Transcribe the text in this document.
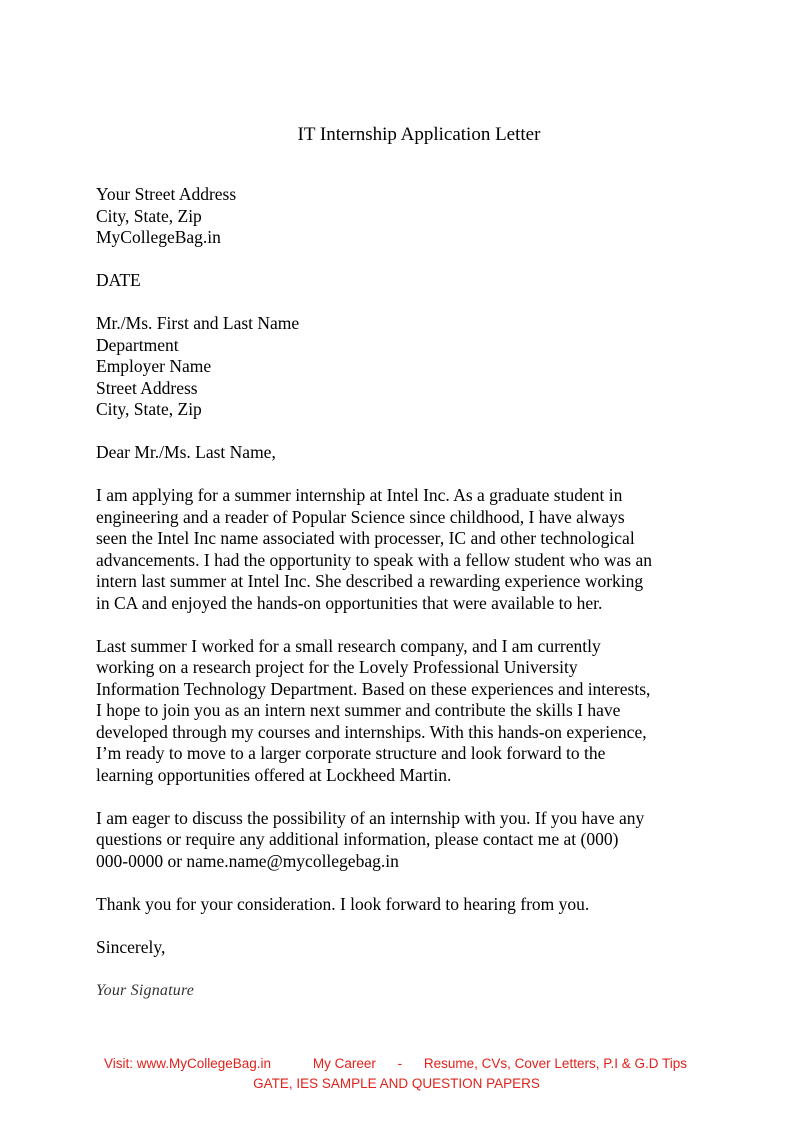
IT Internship Application Letter
Your Street Address
City, State, Zip
MyCollegeBag.in
DATE
Mr./Ms. First and Last Name
Department
Employer Name
Street Address
City, State, Zip
Dear Mr./Ms. Last Name,
I am applying for a summer internship at Intel Inc. As a graduate student in
engineering and a reader of Popular Science since childhood, I have always
seen the Intel Inc name associated with processer, IC and other technological
advancements. I had the opportunity to speak with a fellow student who was an
intern last summer at Intel Inc. She described a rewarding experience working
in CA and enjoyed the hands-on opportunities that were available to her.
Last summer I worked for a small research company, and I am currently
working on a research project for the Lovely Professional University
Information Technology Department. Based on these experiences and interests,
I hope to join you as an intern next summer and contribute the skills I have
developed through my courses and internships. With this hands-on experience,
I’m ready to move to a larger corporate structure and look forward to the
learning opportunities offered at Lockheed Martin.
I am eager to discuss the possibility of an internship with you. If you have any
questions or require any additional information, please contact me at (000)
000-0000 or name.name@mycollegebag.in
Thank you for your consideration. I look forward to hearing from you.
Sincerely,
Your Signature
Visit: www.MyCollegeBag.in	My Career - Resume, CVs, Cover Letters, P.I & G.D Tips
GATE, IES SAMPLE AND QUESTION PAPERS
